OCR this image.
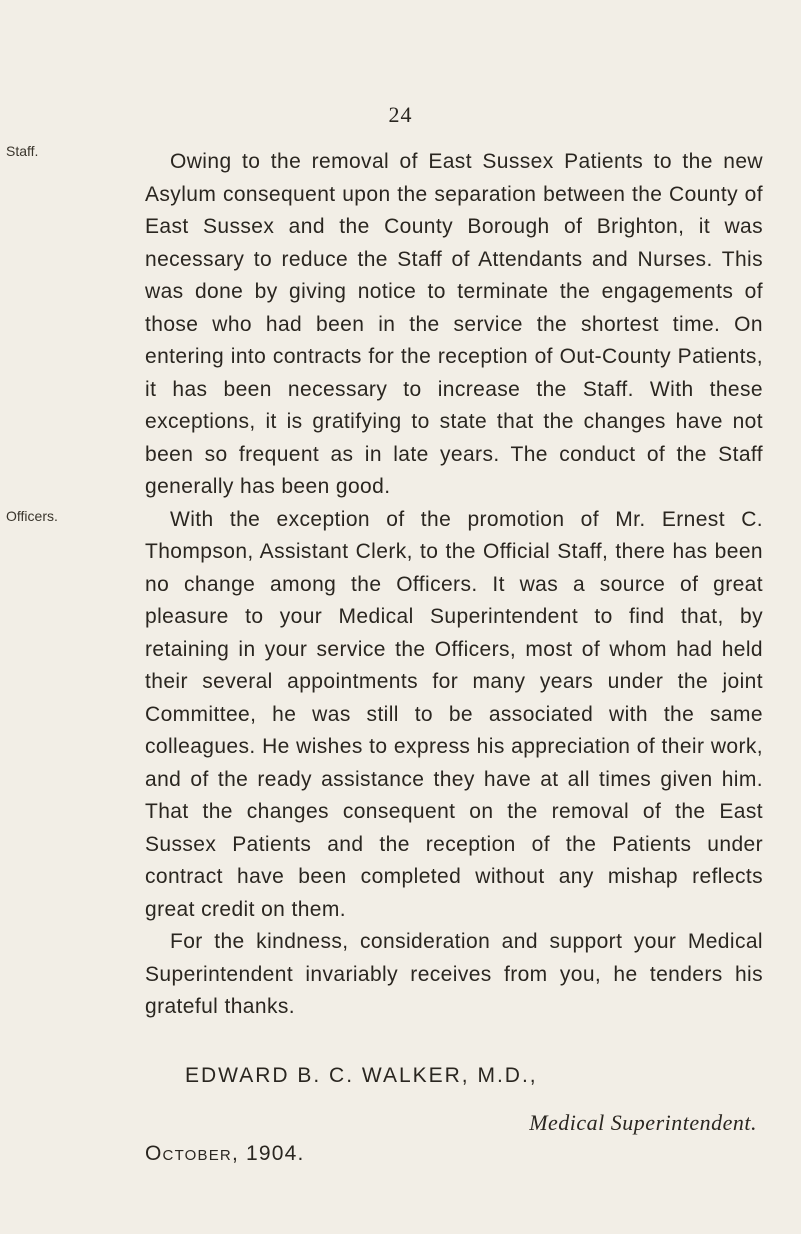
24
Staff.
Officers.

Owing to the removal of East Sussex Patients to the new Asylum consequent upon the separation between the County of East Sussex and the County Borough of Brighton, it was necessary to reduce the Staff of Attendants and Nurses. This was done by giving notice to terminate the engagements of those who had been in the service the shortest time. On entering into contracts for the reception of Out-County Patients, it has been necessary to increase the Staff. With these exceptions, it is gratifying to state that the changes have not been so frequent as in late years. The conduct of the Staff generally has been good.

With the exception of the promotion of Mr. Ernest C. Thompson, Assistant Clerk, to the Official Staff, there has been no change among the Officers. It was a source of great pleasure to your Medical Superintendent to find that, by retaining in your service the Officers, most of whom had held their several appointments for many years under the joint Committee, he was still to be associated with the same colleagues. He wishes to express his appreciation of their work, and of the ready assistance they have at all times given him. That the changes consequent on the removal of the East Sussex Patients and the reception of the Patients under contract have been completed without any mishap reflects great credit on them.

For the kindness, consideration and support your Medical Superintendent invariably receives from you, he tenders his grateful thanks.

EDWARD B. C. WALKER, M.D.,
Medical Superintendent.
October, 1904.
